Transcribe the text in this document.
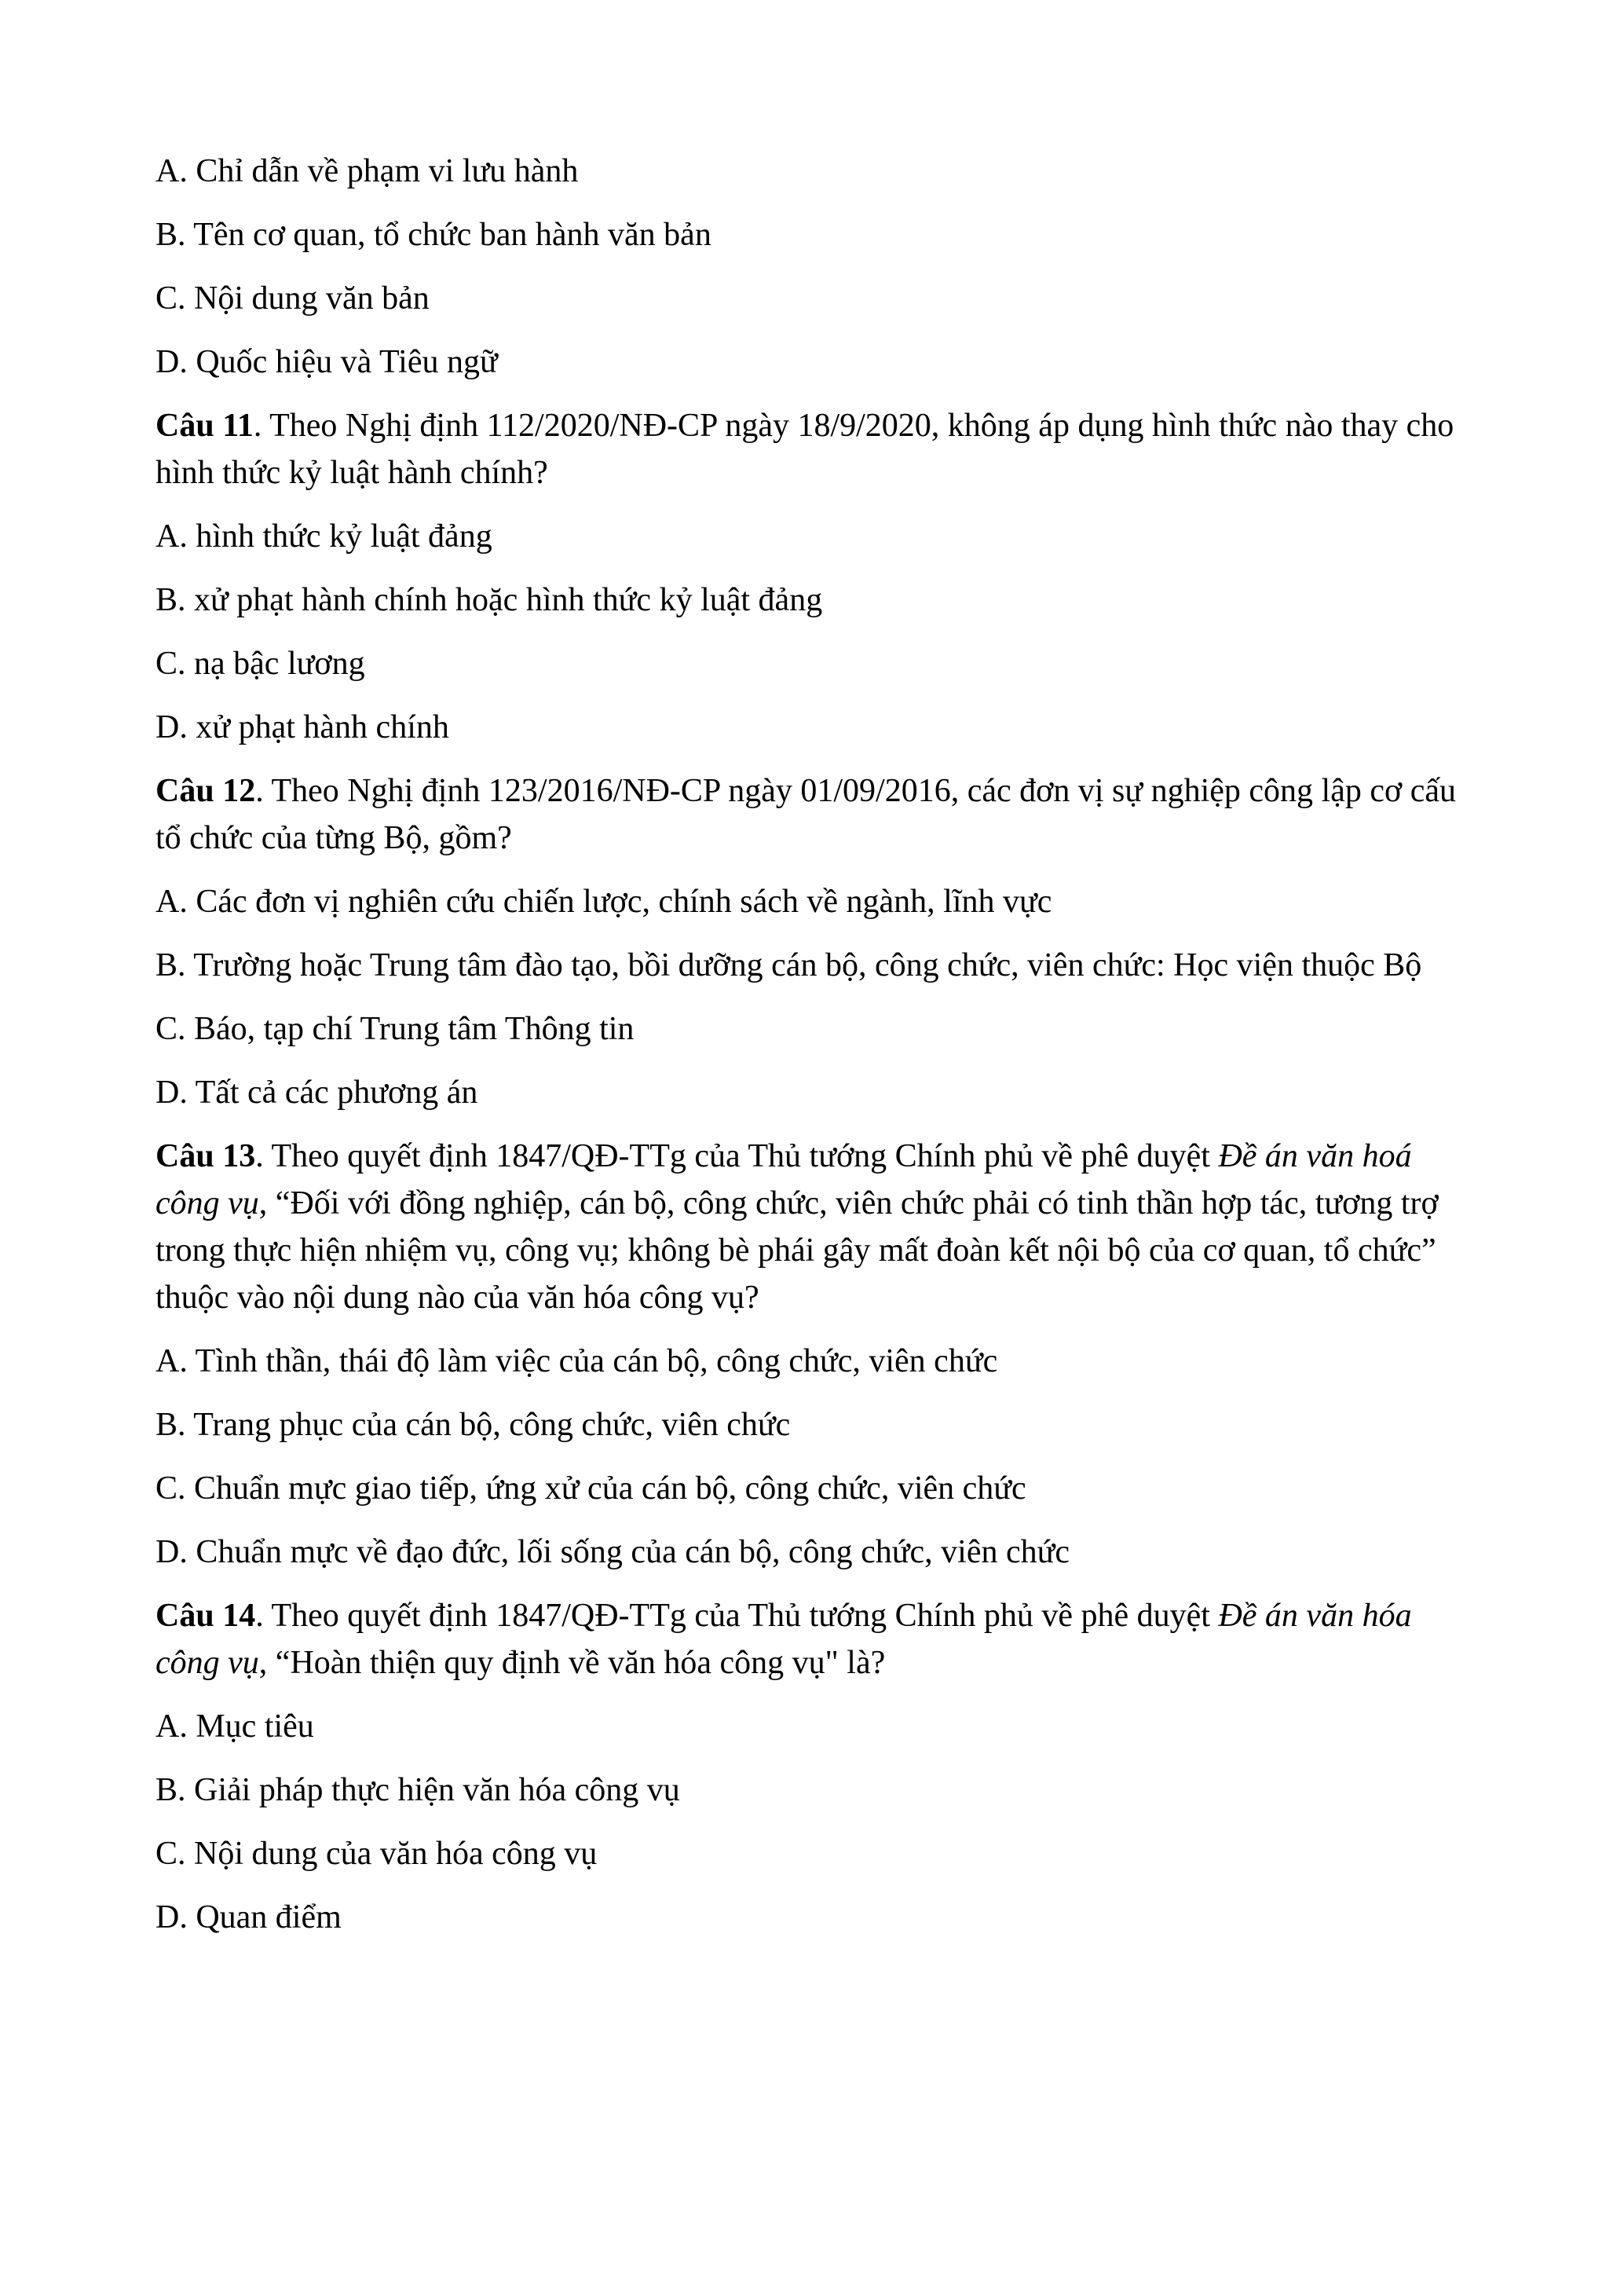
A. Chỉ dẫn về phạm vi lưu hành

B. Tên cơ quan, tổ chức ban hành văn bản

C. Nội dung văn bản

D. Quốc hiệu và Tiêu ngữ

Câu 11. Theo Nghị định 112/2020/NĐ-CP ngày 18/9/2020, không áp dụng hình thức nào thay cho hình thức kỷ luật hành chính?

A. hình thức kỷ luật đảng

B. xử phạt hành chính hoặc hình thức kỷ luật đảng

C. nạ bậc lương

D. xử phạt hành chính

Câu 12. Theo Nghị định 123/2016/NĐ-CP ngày 01/09/2016, các đơn vị sự nghiệp công lập cơ cấu tổ chức của từng Bộ, gồm?

A. Các đơn vị nghiên cứu chiến lược, chính sách về ngành, lĩnh vực

B. Trường hoặc Trung tâm đào tạo, bồi dưỡng cán bộ, công chức, viên chức: Học viện thuộc Bộ

C. Báo, tạp chí Trung tâm Thông tin

D. Tất cả các phương án

Câu 13. Theo quyết định 1847/QĐ-TTg của Thủ tướng Chính phủ về phê duyệt Đề án văn hoá công vụ, “Đối với đồng nghiệp, cán bộ, công chức, viên chức phải có tinh thần hợp tác, tương trợ trong thực hiện nhiệm vụ, công vụ; không bè phái gây mất đoàn kết nội bộ của cơ quan, tổ chức” thuộc vào nội dung nào của văn hóa công vụ?

A. Tình thần, thái độ làm việc của cán bộ, công chức, viên chức

B. Trang phục của cán bộ, công chức, viên chức

C. Chuẩn mực giao tiếp, ứng xử của cán bộ, công chức, viên chức

D. Chuẩn mực về đạo đức, lối sống của cán bộ, công chức, viên chức

Câu 14. Theo quyết định 1847/QĐ-TTg của Thủ tướng Chính phủ về phê duyệt Đề án văn hóa công vụ, “Hoàn thiện quy định về văn hóa công vụ" là?

A. Mục tiêu

B. Giải pháp thực hiện văn hóa công vụ

C. Nội dung của văn hóa công vụ

D. Quan điểm
